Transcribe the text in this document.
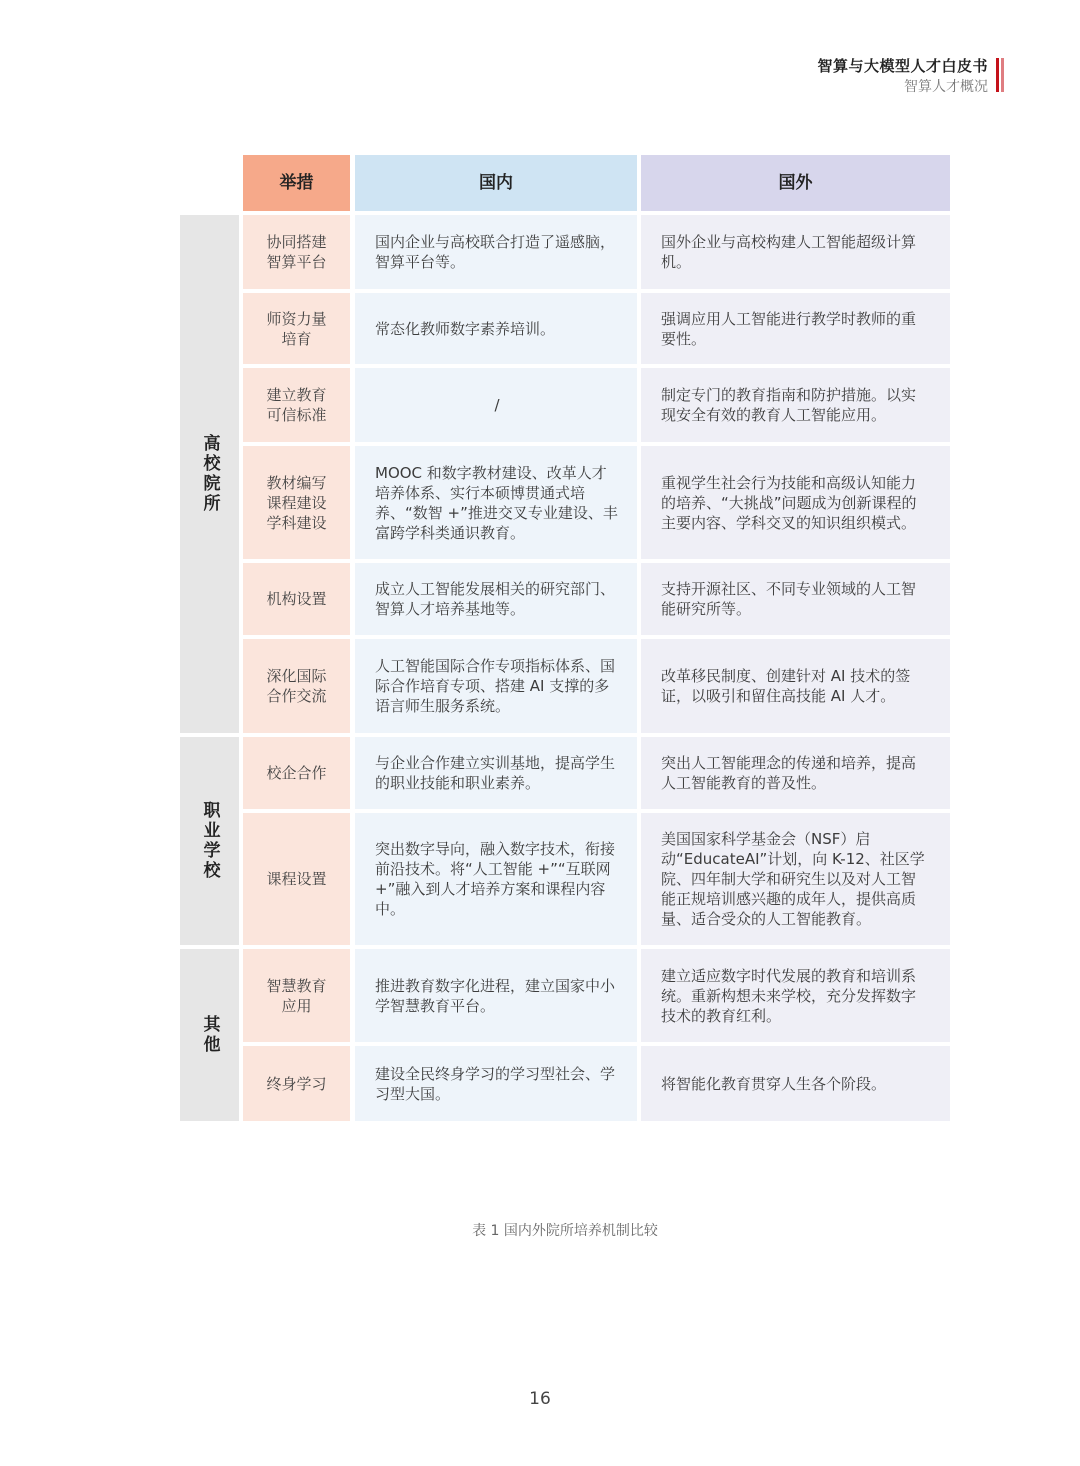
智算与大模型人才白皮书
智算人才概况
举措	国内	国外
高校院所
职业学校
其他
协同搭建
智算平台
国内企业与高校联合打造了遥感脑，智算平台等。
国外企业与高校构建人工智能超级计算机。
师资力量
培育
常态化教师数字素养培训。
强调应用人工智能进行教学时教师的重要性。
建立教育
可信标准
/
制定专门的教育指南和防护措施。以实现安全有效的教育人工智能应用。
教材编写
课程建设
学科建设
MOOC 和数字教材建设、改革人才培养体系、实行本硕博贯通式培养、“数智 +”推进交叉专业建设、丰富跨学科类通识教育。
重视学生社会行为技能和高级认知能力的培养、“大挑战”问题成为创新课程的主要内容、学科交叉的知识组织模式。
机构设置
成立人工智能发展相关的研究部门、智算人才培养基地等。
支持开源社区、不同专业领域的人工智能研究所等。
深化国际
合作交流
人工智能国际合作专项指标体系、国际合作培育专项、搭建 AI 支撑的多语言师生服务系统。
改革移民制度、创建针对 AI 技术的签证，以吸引和留住高技能 AI 人才。
校企合作
与企业合作建立实训基地，提高学生的职业技能和职业素养。
突出人工智能理念的传递和培养，提高人工智能教育的普及性。
课程设置
突出数字导向，融入数字技术，衔接前沿技术。将“人工智能 +”“互联网 +”融入到人才培养方案和课程内容中。
美国国家科学基金会（NSF）启动“EducateAI”计划，向 K-12、社区学院、四年制大学和研究生以及对人工智能正规培训感兴趣的成年人，提供高质量、适合受众的人工智能教育。
智慧教育
应用
推进教育数字化进程，建立国家中小学智慧教育平台。
建立适应数字时代发展的教育和培训系统。重新构想未来学校，充分发挥数字技术的教育红利。
终身学习
建设全民终身学习的学习型社会、学习型大国。
将智能化教育贯穿人生各个阶段。
表 1 国内外院所培养机制比较
16
